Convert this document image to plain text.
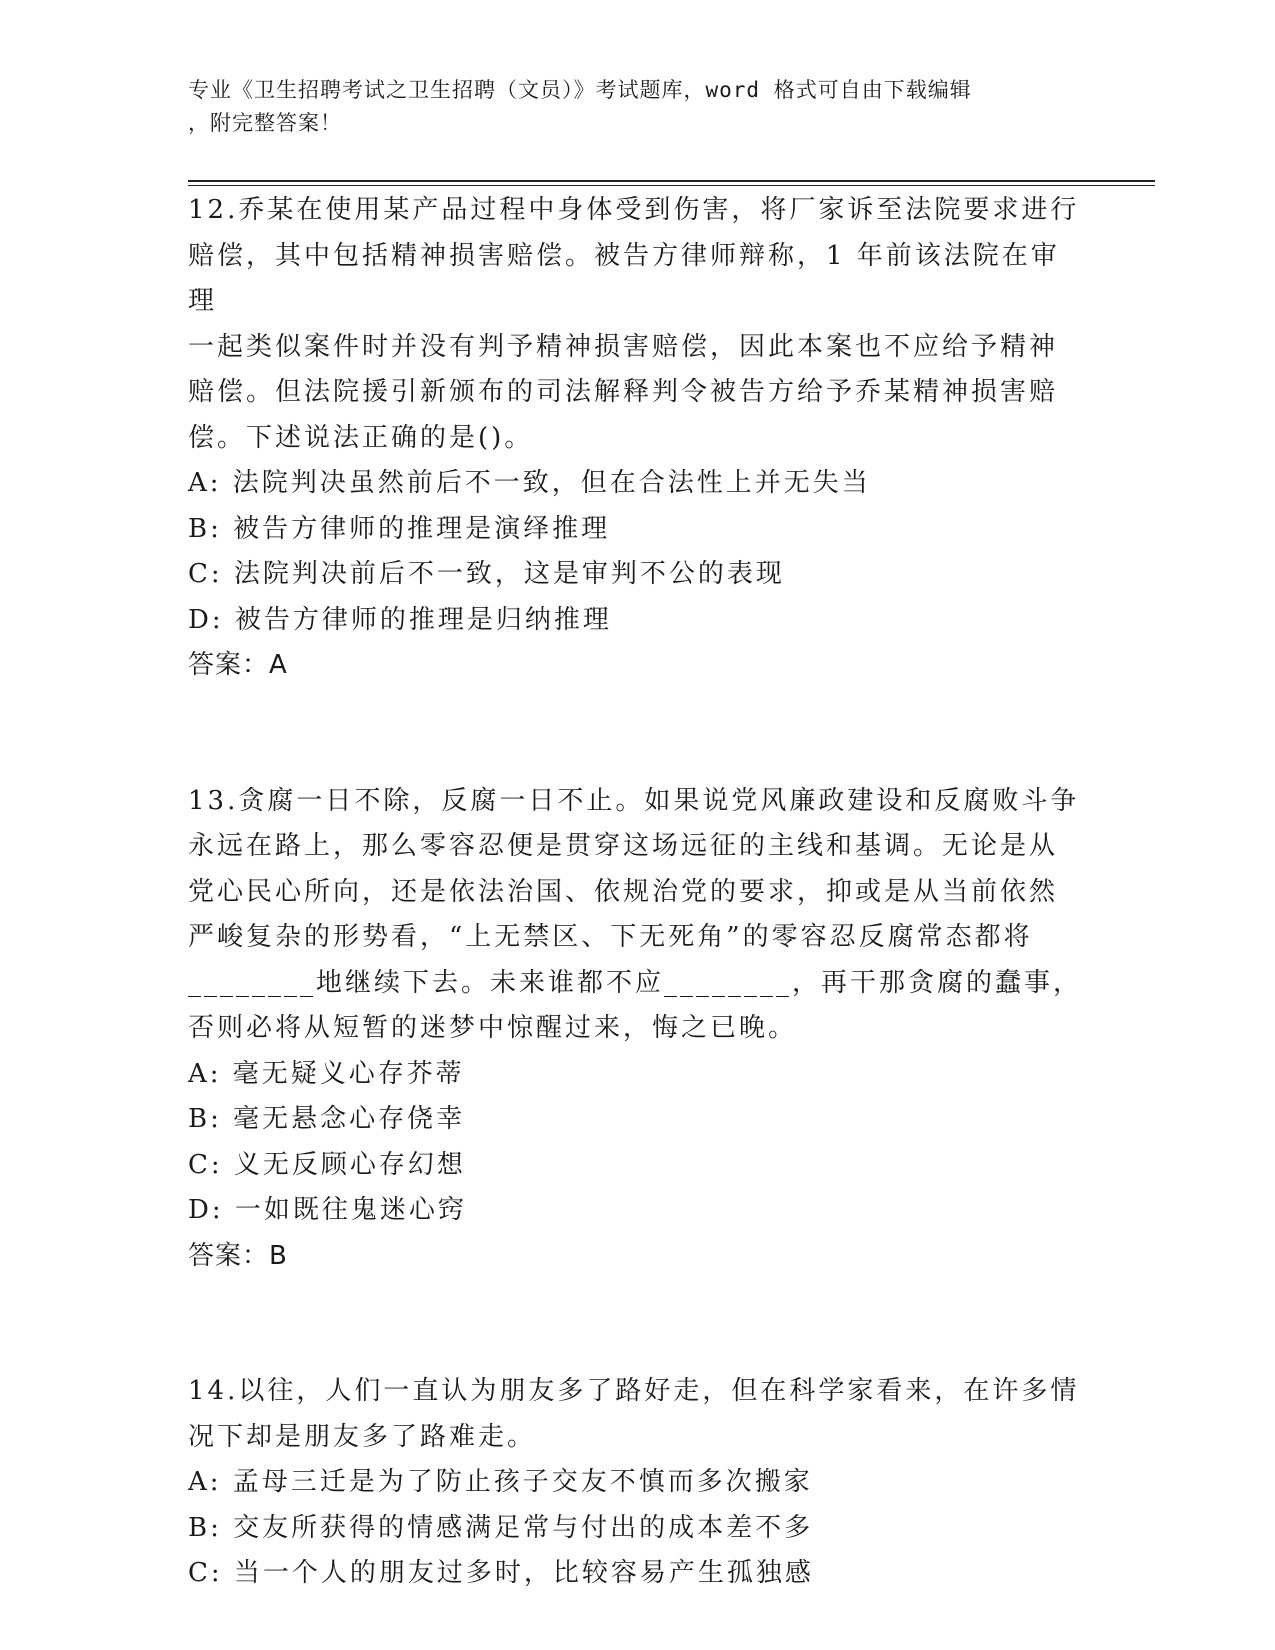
专业《卫生招聘考试之卫生招聘（文员）》考试题库，word 格式可自由下载编辑
，附完整答案！
12.乔某在使用某产品过程中身体受到伤害，将厂家诉至法院要求进行
赔偿，其中包括精神损害赔偿。被告方律师辩称，1 年前该法院在审理
一起类似案件时并没有判予精神损害赔偿，因此本案也不应给予精神
赔偿。但法院援引新颁布的司法解释判令被告方给予乔某精神损害赔
偿。下述说法正确的是()。
A: 法院判决虽然前后不一致，但在合法性上并无失当
B: 被告方律师的推理是演绎推理
C: 法院判决前后不一致，这是审判不公的表现
D: 被告方律师的推理是归纳推理
答案：A
13.贪腐一日不除，反腐一日不止。如果说党风廉政建设和反腐败斗争
永远在路上，那么零容忍便是贯穿这场远征的主线和基调。无论是从
党心民心所向，还是依法治国、依规治党的要求，抑或是从当前依然
严峻复杂的形势看，“上无禁区、下无死角”的零容忍反腐常态都将
________地继续下去。未来谁都不应________，再干那贪腐的蠢事，
否则必将从短暂的迷梦中惊醒过来，悔之已晚。
A: 毫无疑义心存芥蒂
B: 毫无悬念心存侥幸
C: 义无反顾心存幻想
D: 一如既往鬼迷心窍
答案：B
14.以往，人们一直认为朋友多了路好走，但在科学家看来，在许多情
况下却是朋友多了路难走。
A: 孟母三迁是为了防止孩子交友不慎而多次搬家
B: 交友所获得的情感满足常与付出的成本差不多
C: 当一个人的朋友过多时，比较容易产生孤独感
